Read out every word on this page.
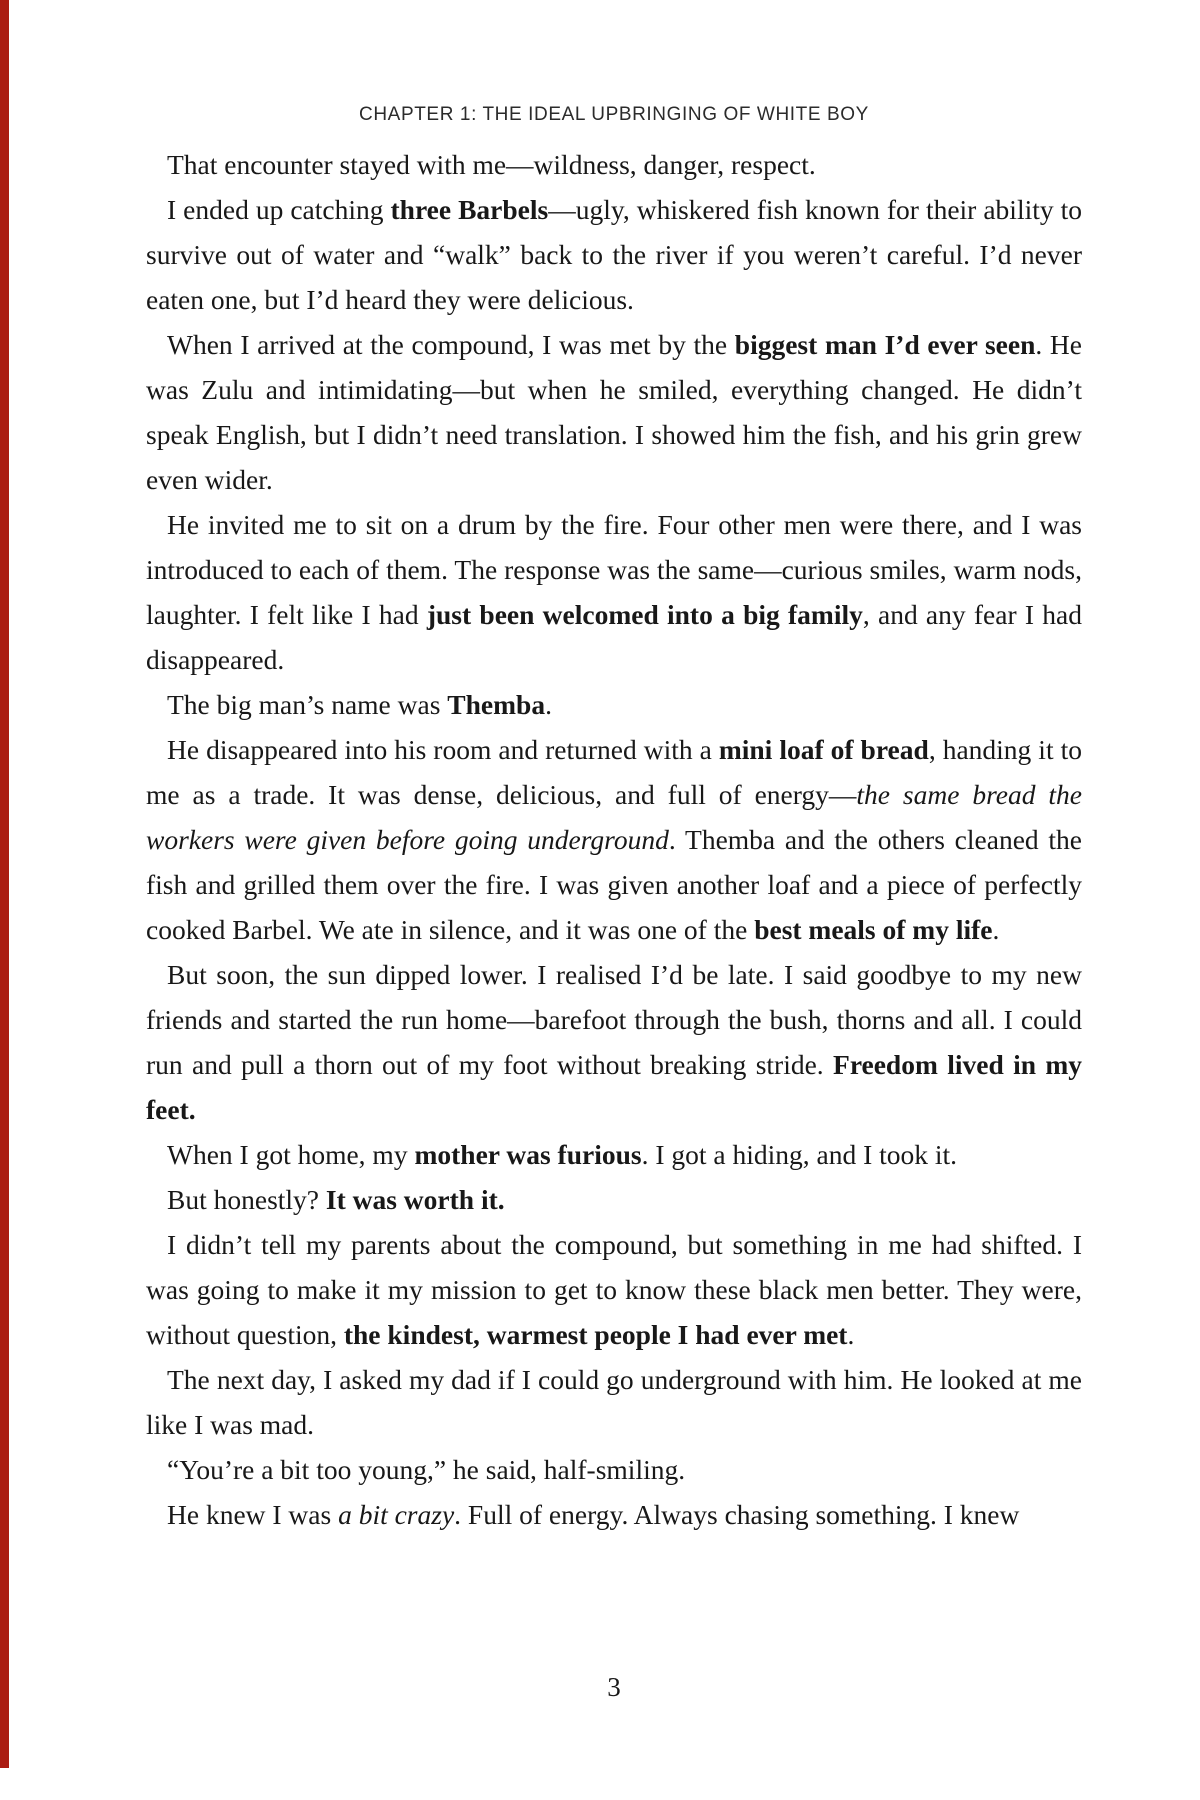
CHAPTER 1: THE IDEAL UPBRINGING OF WHITE BOY

That encounter stayed with me—wildness, danger, respect.

I ended up catching three Barbels—ugly, whiskered fish known for their ability to survive out of water and “walk” back to the river if you weren’t careful. I’d never eaten one, but I’d heard they were delicious.

When I arrived at the compound, I was met by the biggest man I’d ever seen. He was Zulu and intimidating—but when he smiled, everything changed. He didn’t speak English, but I didn’t need translation. I showed him the fish, and his grin grew even wider.

He invited me to sit on a drum by the fire. Four other men were there, and I was introduced to each of them. The response was the same—curious smiles, warm nods, laughter. I felt like I had just been welcomed into a big family, and any fear I had disappeared.

The big man’s name was Themba.

He disappeared into his room and returned with a mini loaf of bread, handing it to me as a trade. It was dense, delicious, and full of energy—the same bread the workers were given before going underground. Themba and the others cleaned the fish and grilled them over the fire. I was given another loaf and a piece of perfectly cooked Barbel. We ate in silence, and it was one of the best meals of my life.

But soon, the sun dipped lower. I realised I’d be late. I said goodbye to my new friends and started the run home—barefoot through the bush, thorns and all. I could run and pull a thorn out of my foot without breaking stride. Freedom lived in my feet.

When I got home, my mother was furious. I got a hiding, and I took it.

But honestly? It was worth it.

I didn’t tell my parents about the compound, but something in me had shifted. I was going to make it my mission to get to know these black men better. They were, without question, the kindest, warmest people I had ever met.

The next day, I asked my dad if I could go underground with him. He looked at me like I was mad.

“You’re a bit too young,” he said, half-smiling.

He knew I was a bit crazy. Full of energy. Always chasing something. I knew

3
